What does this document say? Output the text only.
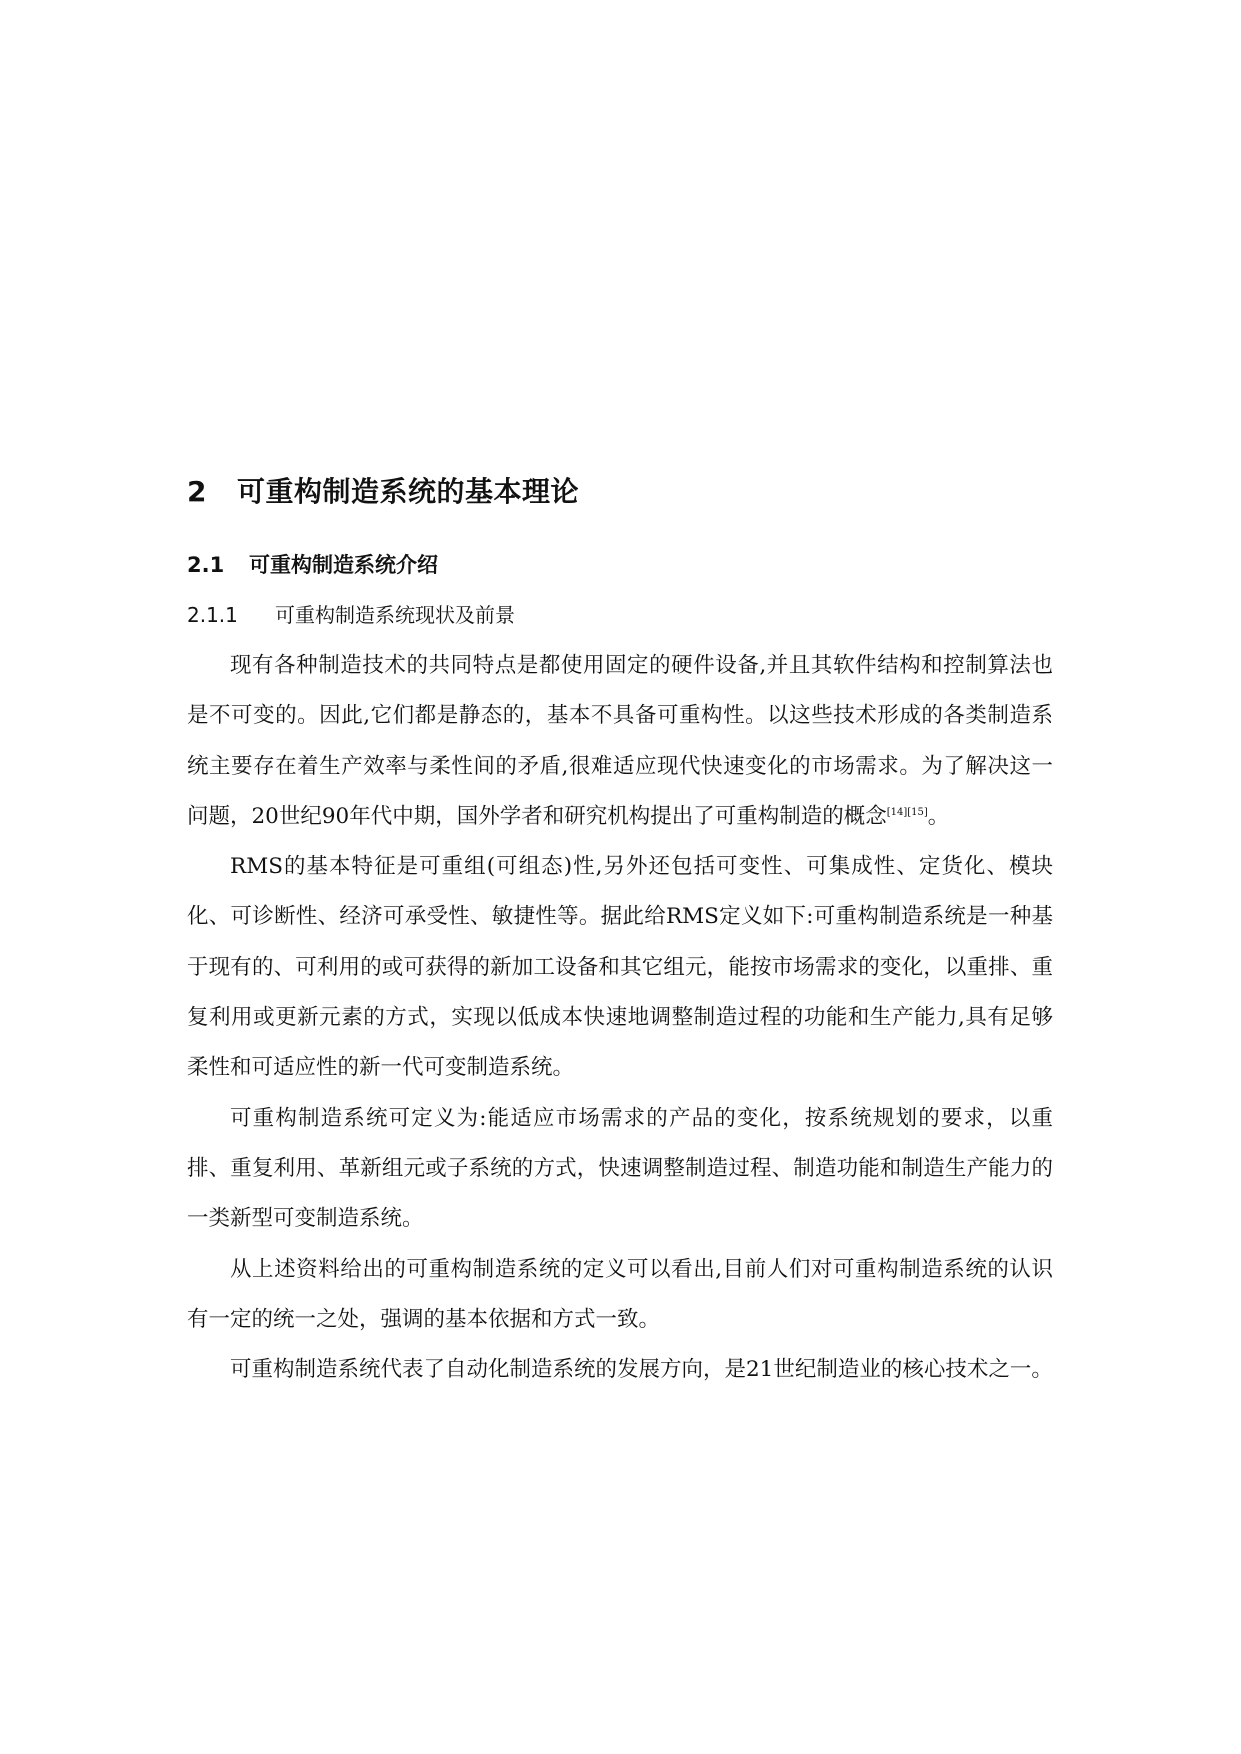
2 可重构制造系统的基本理论
2.1 可重构制造系统介绍
2.1.1 可重构制造系统现状及前景

现有各种制造技术的共同特点是都使用固定的硬件设备,并且其软件结构和控制算法也是不可变的。因此,它们都是静态的，基本不具备可重构性。以这些技术形成的各类制造系统主要存在着生产效率与柔性间的矛盾,很难适应现代快速变化的市场需求。为了解决这一问题，20世纪90年代中期，国外学者和研究机构提出了可重构制造的概念[14][15]。

RMS的基本特征是可重组(可组态)性,另外还包括可变性、可集成性、定货化、模块化、可诊断性、经济可承受性、敏捷性等。据此给RMS定义如下:可重构制造系统是一种基于现有的、可利用的或可获得的新加工设备和其它组元，能按市场需求的变化，以重排、重复利用或更新元素的方式，实现以低成本快速地调整制造过程的功能和生产能力,具有足够柔性和可适应性的新一代可变制造系统。

可重构制造系统可定义为:能适应市场需求的产品的变化，按系统规划的要求，以重排、重复利用、革新组元或子系统的方式，快速调整制造过程、制造功能和制造生产能力的一类新型可变制造系统。

从上述资料给出的可重构制造系统的定义可以看出,目前人们对可重构制造系统的认识有一定的统一之处，强调的基本依据和方式一致。

可重构制造系统代表了自动化制造系统的发展方向，是21世纪制造业的核心技术之一。
